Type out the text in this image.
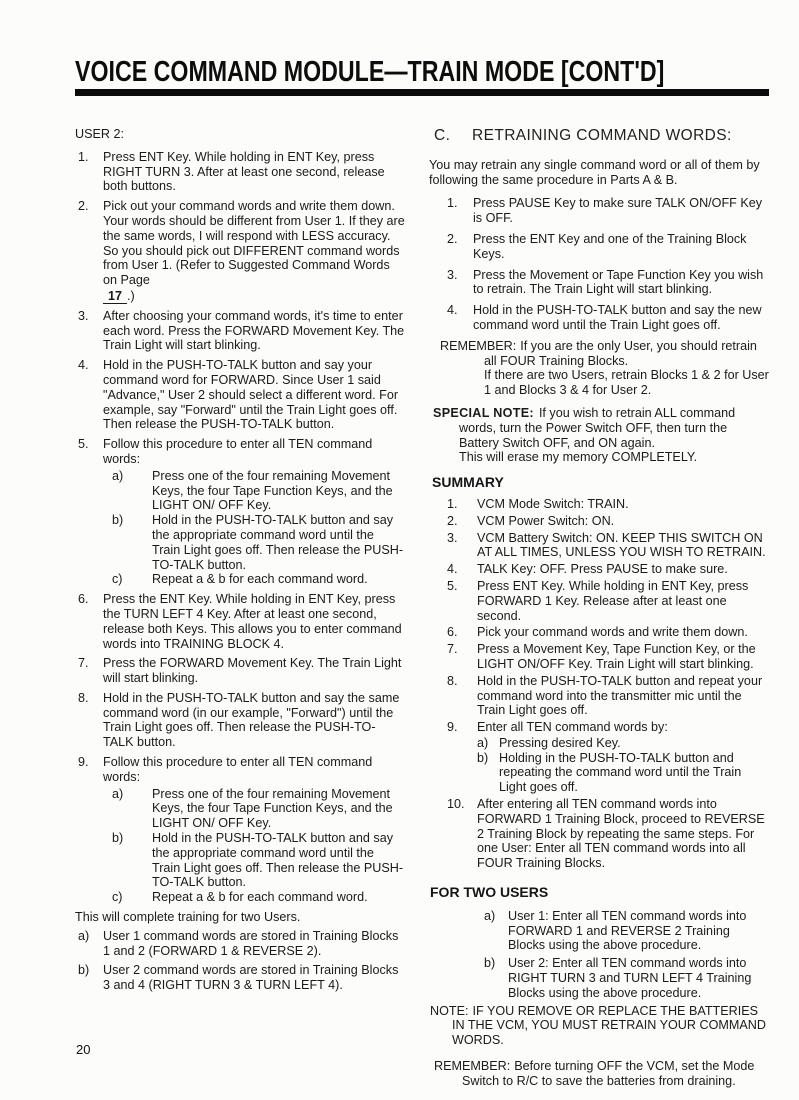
VOICE COMMAND MODULE—TRAIN MODE [CONT'D]
USER 2:
1.	Press ENT Key. While holding in ENT Key, press RIGHT TURN 3. After at least one second, release both buttons.
2.	Pick out your command words and write them down. Your words should be different from User 1. If they are the same words, I will respond with LESS accuracy. So you should pick out DIFFERENT command words from User 1. (Refer to Suggested Command Words on Page
17 .)
3.	After choosing your command words, it's time to enter each word. Press the FORWARD Movement Key. The Train Light will start blinking.
4.	Hold in the PUSH-TO-TALK button and say your command word for FORWARD. Since User 1 said "Advance," User 2 should select a different word. For example, say "Forward" until the Train Light goes off. Then release the PUSH-TO-TALK button.
5.	Follow this procedure to enter all TEN command words:
a)	Press one of the four remaining Movement Keys, the four Tape Function Keys, and the LIGHT ON/ OFF Key.
b)	Hold in the PUSH-TO-TALK button and say the appropriate command word until the Train Light goes off. Then release the PUSH-TO-TALK button.
c)	Repeat a & b for each command word.
6.	Press the ENT Key. While holding in ENT Key, press the TURN LEFT 4 Key. After at least one second, release both Keys. This allows you to enter command words into TRAINING BLOCK 4.
7.	Press the FORWARD Movement Key. The Train Light will start blinking.
8.	Hold in the PUSH-TO-TALK button and say the same command word (in our example, "Forward") until the Train Light goes off. Then release the PUSH-TO-TALK button.
9.	Follow this procedure to enter all TEN command words:
a)	Press one of the four remaining Movement Keys, the four Tape Function Keys, and the LIGHT ON/ OFF Key.
b)	Hold in the PUSH-TO-TALK button and say the appropriate command word until the Train Light goes off. Then release the PUSH-TO-TALK button.
c)	Repeat a & b for each command word.
This will complete training for two Users.
a)	User 1 command words are stored in Training Blocks 1 and 2 (FORWARD 1 & REVERSE 2).
b)	User 2 command words are stored in Training Blocks 3 and 4 (RIGHT TURN 3 & TURN LEFT 4).
C.	RETRAINING COMMAND WORDS:
You may retrain any single command word or all of them by following the same procedure in Parts A & B.
1.	Press PAUSE Key to make sure TALK ON/OFF Key is OFF.
2.	Press the ENT Key and one of the Training Block Keys.
3.	Press the Movement or Tape Function Key you wish to retrain. The Train Light will start blinking.
4.	Hold in the PUSH-TO-TALK button and say the new command word until the Train Light goes off.
REMEMBER: If you are the only User, you should retrain all FOUR Training Blocks.
If there are two Users, retrain Blocks 1 & 2 for User 1 and Blocks 3 & 4 for User 2.
SPECIAL NOTE: If you wish to retrain ALL command words, turn the Power Switch OFF, then turn the Battery Switch OFF, and ON again.
This will erase my memory COMPLETELY.
SUMMARY
1.	VCM Mode Switch: TRAIN.
2.	VCM Power Switch: ON.
3.	VCM Battery Switch: ON. KEEP THIS SWITCH ON AT ALL TIMES, UNLESS YOU WISH TO RETRAIN.
4.	TALK Key: OFF. Press PAUSE to make sure.
5.	Press ENT Key. While holding in ENT Key, press FORWARD 1 Key. Release after at least one second.
6.	Pick your command words and write them down.
7.	Press a Movement Key, Tape Function Key, or the LIGHT ON/OFF Key. Train Light will start blinking.
8.	Hold in the PUSH-TO-TALK button and repeat your command word into the transmitter mic until the Train Light goes off.
9.	Enter all TEN command words by:
a) Pressing desired Key.
b) Holding in the PUSH-TO-TALK button and repeating the command word until the Train Light goes off.
10. After entering all TEN command words into FORWARD 1 Training Block, proceed to REVERSE 2 Training Block by repeating the same steps. For one User: Enter all TEN command words into all FOUR Training Blocks.
FOR TWO USERS
a)	User 1: Enter all TEN command words into FORWARD 1 and REVERSE 2 Training Blocks using the above procedure.
b)	User 2: Enter all TEN command words into RIGHT TURN 3 and TURN LEFT 4 Training Blocks using the above procedure.
NOTE: IF YOU REMOVE OR REPLACE THE BATTERIES IN THE VCM, YOU MUST RETRAIN YOUR COMMAND WORDS.
REMEMBER: Before turning OFF the VCM, set the Mode Switch to R/C to save the batteries from draining.
20
